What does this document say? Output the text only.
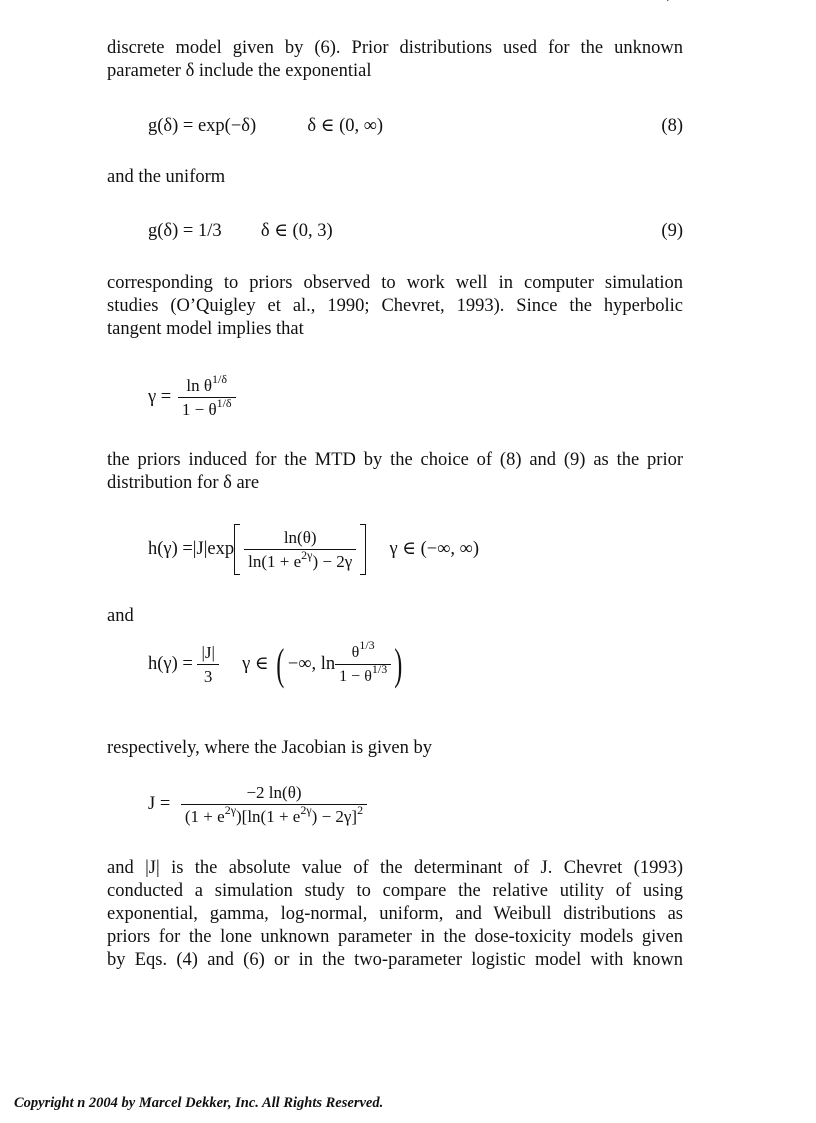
·
discrete model given by (6). Prior distributions used for the unknown
parameter δ include the exponential
g(δ) = exp(−δ)	δ ∈ (0, ∞)	(8)
and the uniform
g(δ) = 1/3 δ ∈ (0, 3)	(9)
corresponding to priors observed to work well in computer simulation
studies (O’Quigley et al., 1990; Chevret, 1993). Since the hyperbolic
tangent model implies that
$\gamma = \frac{\ln \theta^{1/\delta}}{1 - \theta^{1/\delta}}$
the priors induced for the MTD by the choice of (8) and (9) as the prior
distribution for δ are
$h(\gamma) =|J|\exp \frac{\ln(\theta)}{\ln(1 + e^{2\gamma}) - 2\gamma}$ γ ∈ (−∞, ∞)
and
$h(\gamma) = \frac{|J|}{3}$ γ ∈ ( −∞, $\ln \frac{\theta^{1/3}}{1 - \theta^{1/3}}$ )
respectively, where the Jacobian is given by
$J = \frac{-2 \ln(\theta)}{(1 + e^{2\gamma})[\ln(1 + e^{2\gamma}) - 2\gamma]^2}$
and |J| is the absolute value of the determinant of J. Chevret (1993)
conducted a simulation study to compare the relative utility of using
exponential, gamma, log-normal, uniform, and Weibull distributions as
priors for the lone unknown parameter in the dose-toxicity models given
by Eqs. (4) and (6) or in the two-parameter logistic model with known
Copyright n 2004 by Marcel Dekker, Inc. All Rights Reserved.
